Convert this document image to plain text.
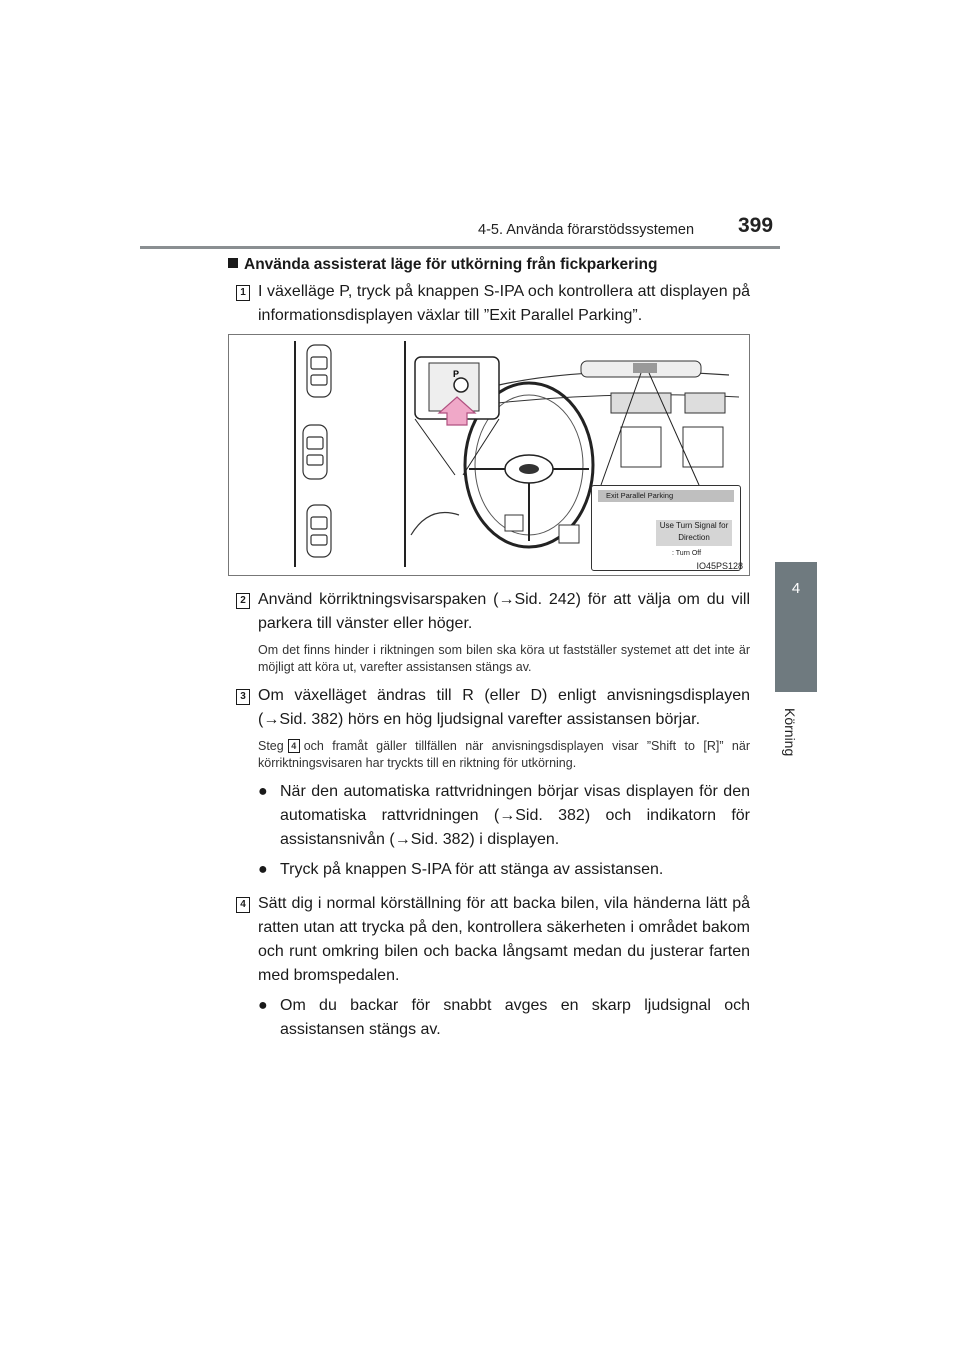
4-5. Använda förarstödssystemen 399
4
Körning
Använda assisterat läge för utkörning från fickparkering
1 I växelläge P, tryck på knappen S-IPA och kontrollera att displayen på informationsdisplayen växlar till ”Exit Parallel Parking”.
P
Exit Parallel Parking
Use Turn Signal for Direction
: Turn Off
IO45PS128
2 Använd körriktningsvisarspaken (→Sid. 242) för att välja om du vill parkera till vänster eller höger.
Om det finns hinder i riktningen som bilen ska köra ut fastställer systemet att det inte är möjligt att köra ut, varefter assistansen stängs av.
3 Om växelläget ändras till R (eller D) enligt anvisningsdisplayen (→Sid. 382) hörs en hög ljudsignal varefter assistansen börjar.
Steg 4 och framåt gäller tillfällen när anvisningsdisplayen visar ”Shift to [R]” när körriktningsvisaren har tryckts till en riktning för utkörning.
● När den automatiska rattvridningen börjar visas displayen för den automatiska rattvridningen (→Sid. 382) och indikatorn för assistansnivån (→Sid. 382) i displayen.
● Tryck på knappen S-IPA för att stänga av assistansen.
4 Sätt dig i normal körställning för att backa bilen, vila händerna lätt på ratten utan att trycka på den, kontrollera säkerheten i området bakom och runt omkring bilen och backa långsamt medan du justerar farten med bromspedalen.
● Om du backar för snabbt avges en skarp ljudsignal och assistansen stängs av.
